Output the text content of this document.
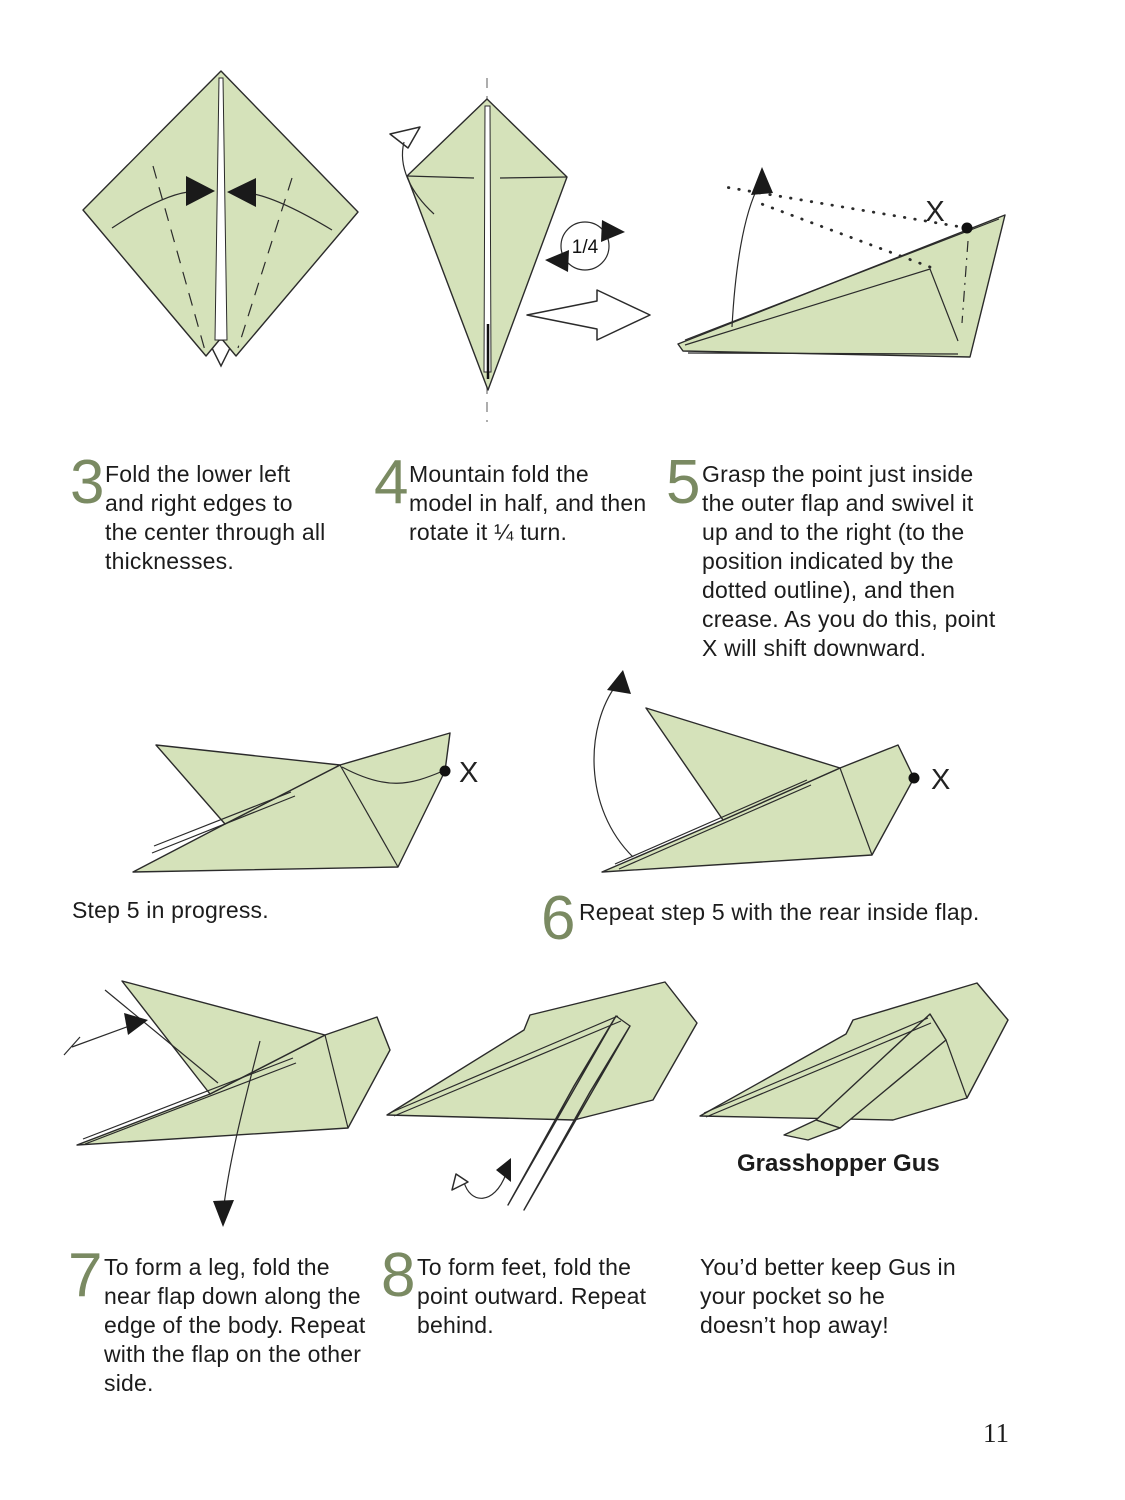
1/4
X
X	X
3 Fold the lower left and right edges to the center through all thicknesses.
4 Mountain fold the model in half, and then rotate it ¼ turn.
5 Grasp the point just inside the outer flap and swivel it up and to the right (to the position indicated by the dotted outline), and then crease. As you do this, point X will shift downward.
Step 5 in progress.	6 Repeat step 5 with the rear inside flap.
7 To form a leg, fold the near flap down along the edge of the body. Repeat with the flap on the other side.
8 To form feet, fold the point outward. Repeat behind.
Grasshopper Gus
You’d better keep Gus in your pocket so he doesn’t hop away!
11
